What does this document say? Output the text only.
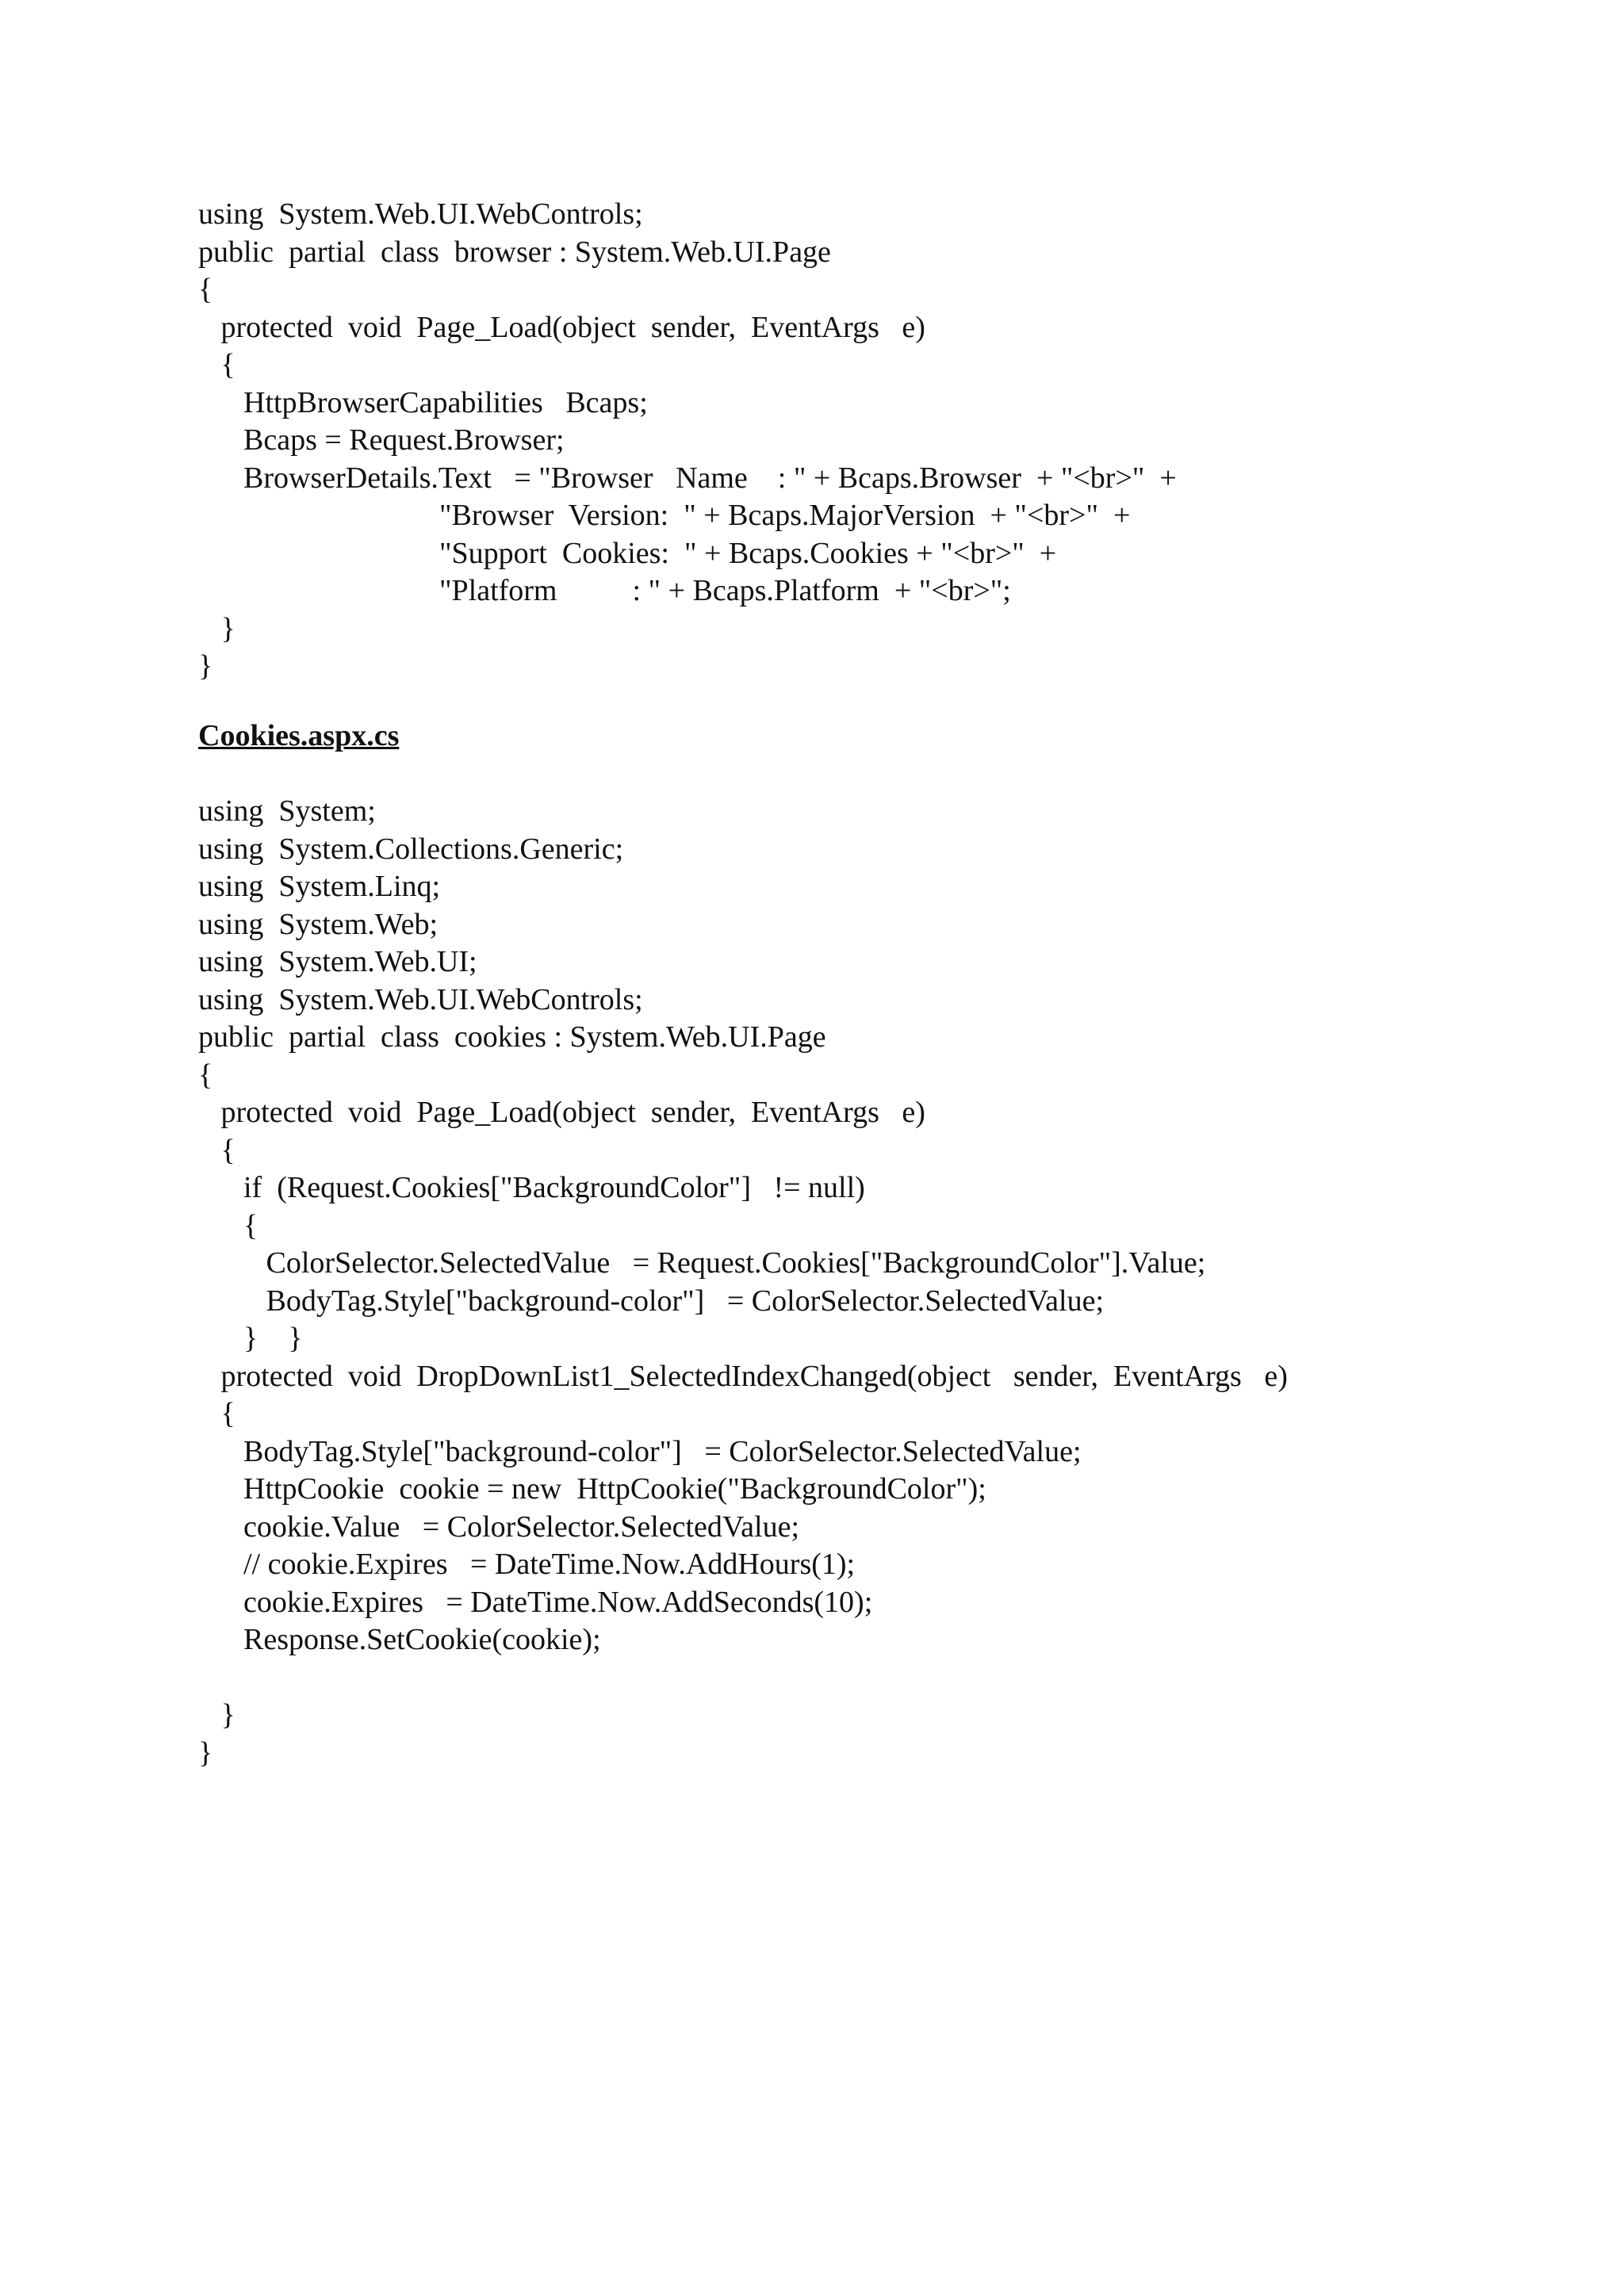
using  System.Web.UI.WebControls;
public  partial  class  browser : System.Web.UI.Page
{
protected  void  Page_Load(object  sender,  EventArgs   e)
{
HttpBrowserCapabilities   Bcaps;
Bcaps = Request.Browser;
BrowserDetails.Text   = "Browser   Name    : " + Bcaps.Browser  + "<br>"  +
"Browser  Version:  " + Bcaps.MajorVersion  + "<br>"  +
"Support  Cookies:  " + Bcaps.Cookies + "<br>"  +
"Platform          : " + Bcaps.Platform  + "<br>";
}
}
Cookies.aspx.cs
using  System;
using  System.Collections.Generic;
using  System.Linq;
using  System.Web;
using  System.Web.UI;
using  System.Web.UI.WebControls;
public  partial  class  cookies : System.Web.UI.Page
{
protected  void  Page_Load(object  sender,  EventArgs   e)
{
if  (Request.Cookies["BackgroundColor"]   != null)
{
ColorSelector.SelectedValue   = Request.Cookies["BackgroundColor"].Value;
BodyTag.Style["background-color"]   = ColorSelector.SelectedValue;
}    }
protected  void  DropDownList1_SelectedIndexChanged(object   sender,  EventArgs   e)
{
BodyTag.Style["background-color"]   = ColorSelector.SelectedValue;
HttpCookie  cookie = new  HttpCookie("BackgroundColor");
cookie.Value   = ColorSelector.SelectedValue;
// cookie.Expires   = DateTime.Now.AddHours(1);
cookie.Expires   = DateTime.Now.AddSeconds(10);
Response.SetCookie(cookie);
}
}
